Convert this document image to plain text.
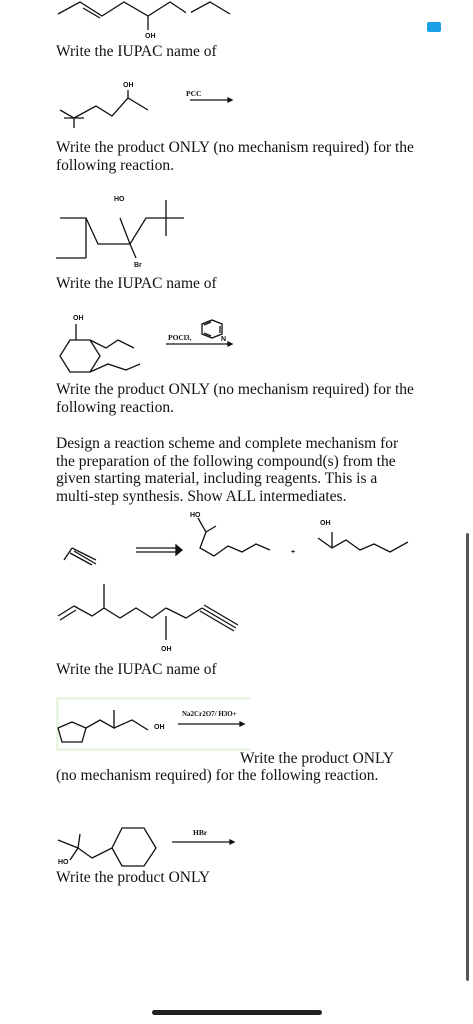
OH
Write the IUPAC name of
OH
PCC
Write the product ONLY (no mechanism required) for the following reaction.
HO
Br
Write the IUPAC name of
OH
POCl3,	N
Write the product ONLY (no mechanism required) for the following reaction.
Design a reaction scheme and complete mechanism for the preparation of the following compound(s) from the given starting material, including reagents. This is a multi-step synthesis. Show ALL intermediates.
HO
OH
+
OH
Write the IUPAC name of
Na2Cr2O7/ H3O+
OH
Write the product ONLY
(no mechanism required) for the following reaction.
HBr
HO
Write the product ONLY
